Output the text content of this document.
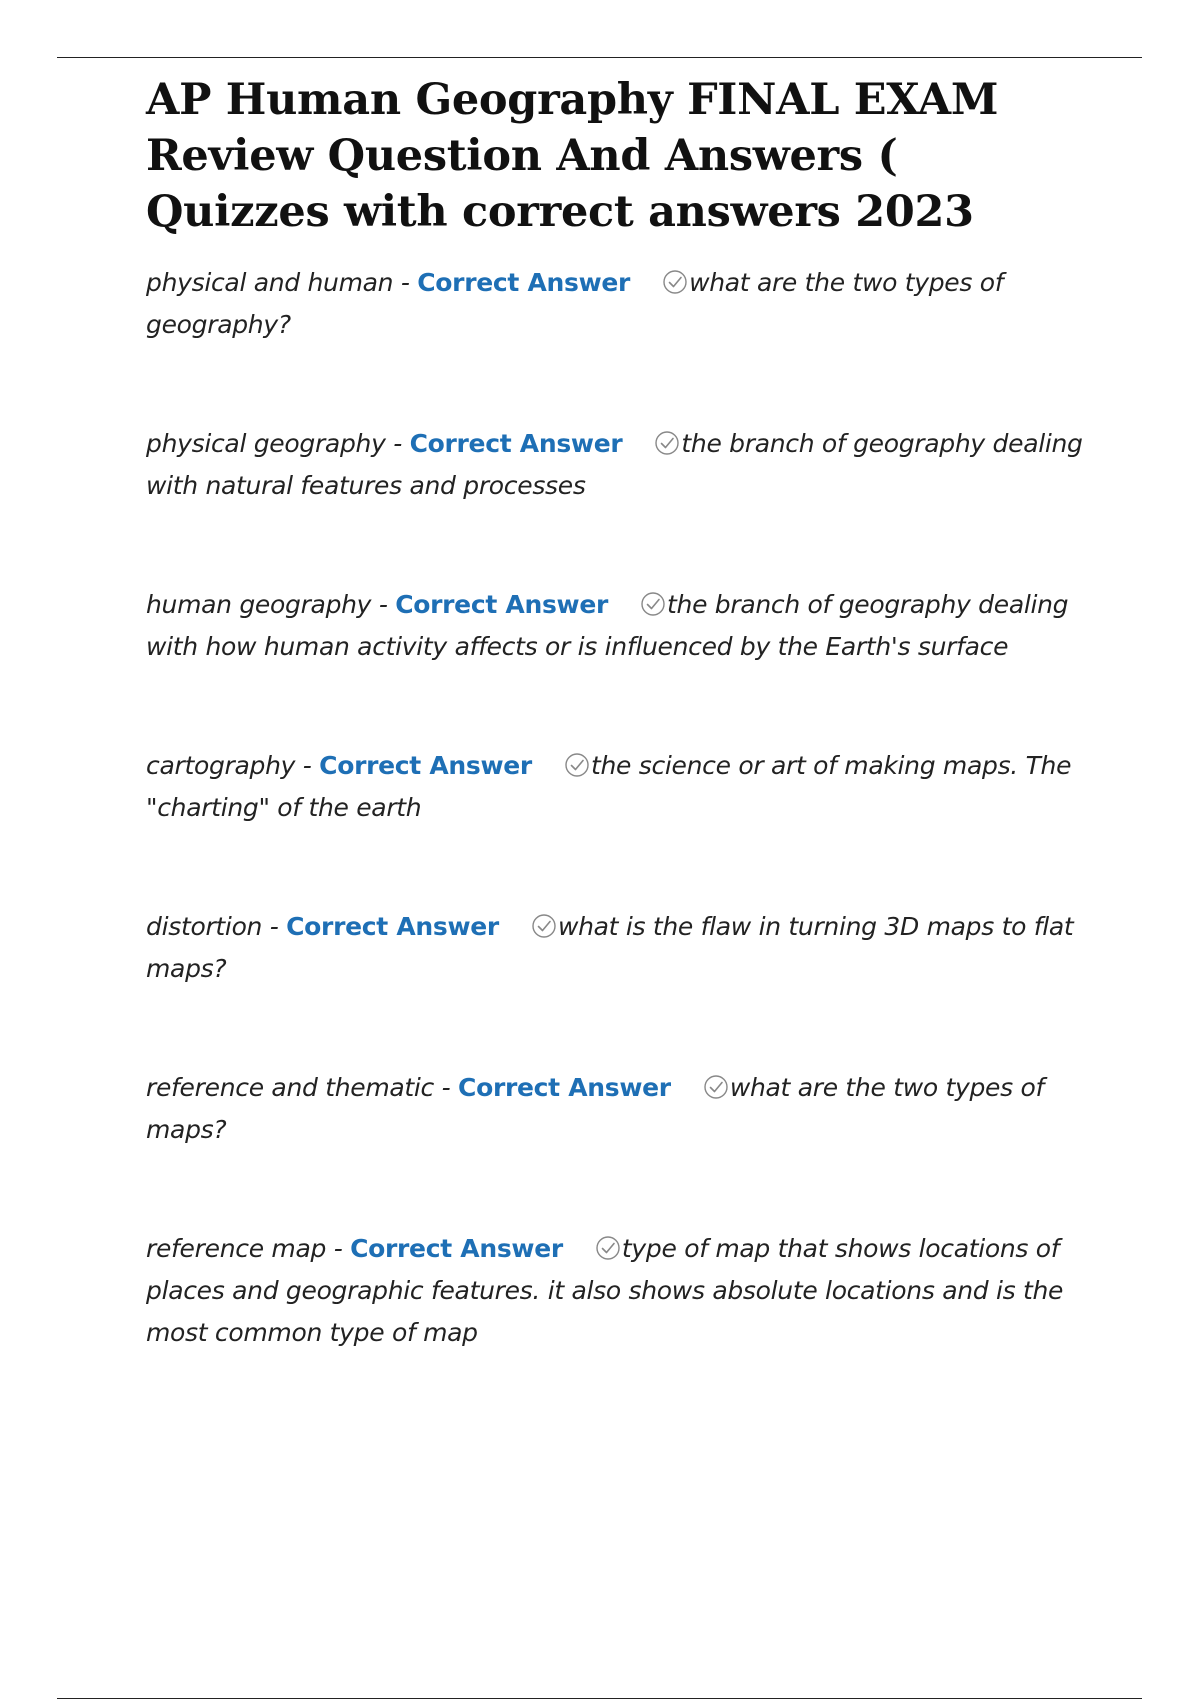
AP Human Geography FINAL EXAM Review Question And Answers ( Quizzes with correct answers 2023
physical and human - Correct Answer what are the two types of geography?
physical geography - Correct Answer the branch of geography dealing with natural features and processes
human geography - Correct Answer the branch of geography dealing with how human activity affects or is influenced by the Earth's surface
cartography - Correct Answer the science or art of making maps. The "charting" of the earth
distortion - Correct Answer what is the flaw in turning 3D maps to flat maps?
reference and thematic - Correct Answer what are the two types of maps?
reference map - Correct Answer type of map that shows locations of places and geographic features. it also shows absolute locations and is the most common type of map
